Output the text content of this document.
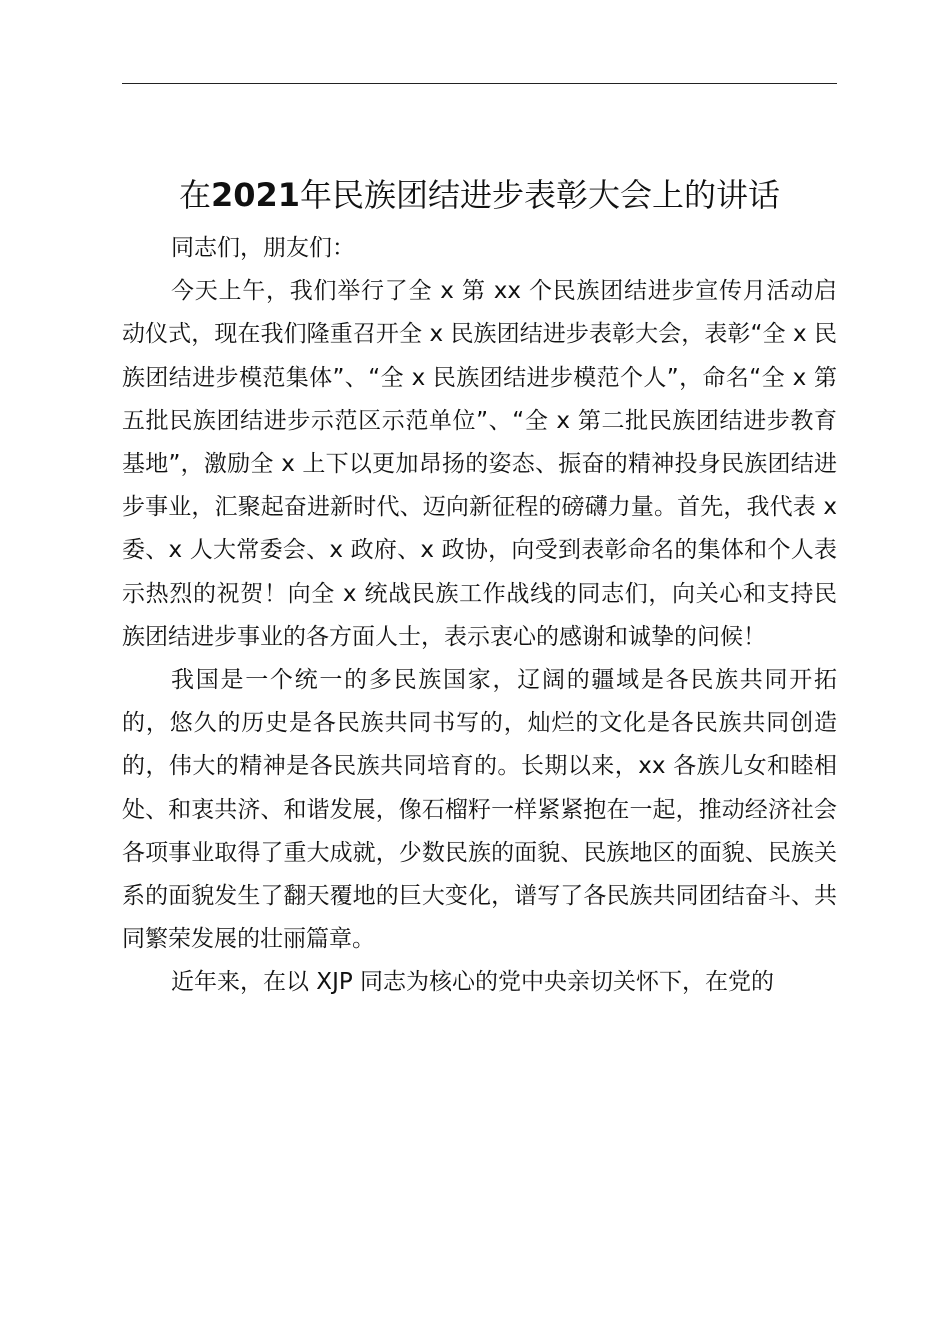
在2021年民族团结进步表彰大会上的讲话

同志们，朋友们：

今天上午，我们举行了全 x 第 xx 个民族团结进步宣传月活动启动仪式，现在我们隆重召开全 x 民族团结进步表彰大会，表彰“全 x 民族团结进步模范集体”、“全 x 民族团结进步模范个人”，命名“全 x 第五批民族团结进步示范区示范单位”、“全 x 第二批民族团结进步教育基地”，激励全 x 上下以更加昂扬的姿态、振奋的精神投身民族团结进步事业，汇聚起奋进新时代、迈向新征程的磅礴力量。首先，我代表 x 委、x 人大常委会、x 政府、x 政协，向受到表彰命名的集体和个人表示热烈的祝贺！向全 x 统战民族工作战线的同志们，向关心和支持民族团结进步事业的各方面人士，表示衷心的感谢和诚挚的问候！

我国是一个统一的多民族国家，辽阔的疆域是各民族共同开拓的，悠久的历史是各民族共同书写的，灿烂的文化是各民族共同创造的，伟大的精神是各民族共同培育的。长期以来，xx 各族儿女和睦相处、和衷共济、和谐发展，像石榴籽一样紧紧抱在一起，推动经济社会各项事业取得了重大成就，少数民族的面貌、民族地区的面貌、民族关系的面貌发生了翻天覆地的巨大变化，谱写了各民族共同团结奋斗、共同繁荣发展的壮丽篇章。

近年来，在以 XJP 同志为核心的党中央亲切关怀下，在党的
